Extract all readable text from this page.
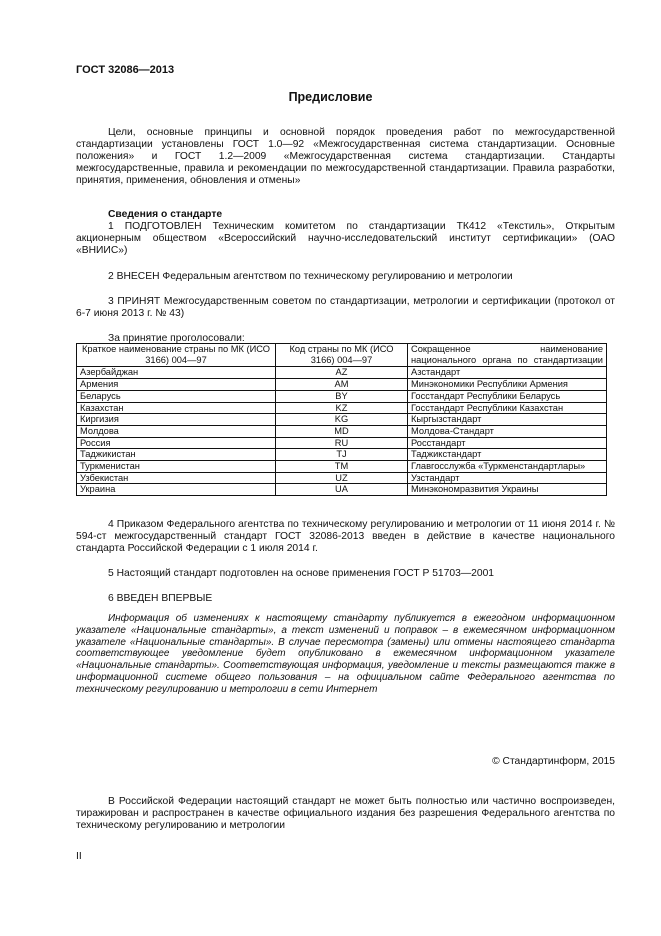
ГОСТ 32086—2013
Предисловие
Цели, основные принципы и основной порядок проведения работ по межгосударственной стандартизации установлены ГОСТ 1.0—92 «Межгосударственная система стандартизации. Основные положения» и ГОСТ 1.2—2009 «Межгосударственная система стандартизации. Стандарты межгосударственные, правила и рекомендации по межгосударственной стандартизации. Правила разработки, принятия, применения, обновления и отмены»
Сведения о стандарте
1 ПОДГОТОВЛЕН Техническим комитетом по стандартизации ТК412 «Текстиль», Открытым акционерным обществом «Всероссийский научно-исследовательский институт сертификации» (ОАО «ВНИИС»)
2 ВНЕСЕН Федеральным агентством по техническому регулированию и метрологии
3 ПРИНЯТ Межгосударственным советом по стандартизации, метрологии и сертификации (протокол от 6-7 июня 2013 г. № 43)
За принятие проголосовали:
Краткое наименование страны по МК (ИСО 3166) 004—97	Код страны по МК (ИСО 3166) 004—97	Сокращенное наименование национального органа по стандартизации
Азербайджан	AZ	Азстандарт
Армения	AM	Минэкономики Республики Армения
Беларусь	BY	Госстандарт Республики Беларусь
Казахстан	KZ	Госстандарт Республики Казахстан
Киргизия	KG	Кыргызстандарт
Молдова	MD	Молдова-Стандарт
Россия	RU	Росстандарт
Таджикистан	TJ	Таджикстандарт
Туркменистан	TM	Главгосслужба «Туркменстандартлары»
Узбекистан	UZ	Узстандарт
Украина	UA	Минэкономразвития Украины
4 Приказом Федерального агентства по техническому регулированию и метрологии от 11 июня 2014 г. № 594-ст межгосударственный стандарт ГОСТ 32086-2013 введен в действие в качестве национального стандарта Российской Федерации с 1 июля 2014 г.
5 Настоящий стандарт подготовлен на основе применения ГОСТ Р 51703—2001
6 ВВЕДЕН ВПЕРВЫЕ
Информация об изменениях к настоящему стандарту публикуется в ежегодном информационном указателе «Национальные стандарты», а текст изменений и поправок – в ежемесячном информационном указателе «Национальные стандарты». В случае пересмотра (замены) или отмены настоящего стандарта соответствующее уведомление будет опубликовано в ежемесячном информационном указателе «Национальные стандарты». Соответствующая информация, уведомление и тексты размещаются также в информационной системе общего пользования – на официальном сайте Федерального агентства по техническому регулированию и метрологии в сети Интернет
© Стандартинформ, 2015
В Российской Федерации настоящий стандарт не может быть полностью или частично воспроизведен, тиражирован и распространен в качестве официального издания без разрешения Федерального агентства по техническому регулированию и метрологии
II
